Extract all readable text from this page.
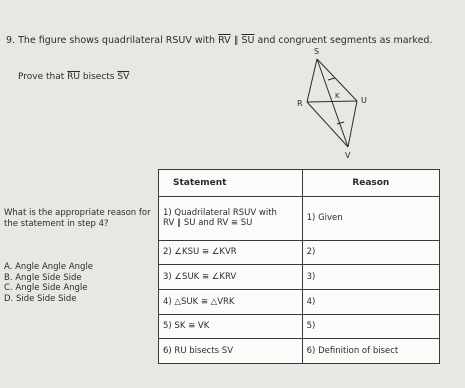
9. The figure shows quadrilateral RSUV with $\overline{RV}$ ∥ $\overline{SU}$ and congruent segments as marked.
Prove that $\overline{RU}$ bisects $\overline{SV}$
S
R
K	U
V
What is the appropriate reason for the statement in step 4?
A. Angle Angle Angle
B. Angle Side Side
C. Angle Side Angle
D. Side Side Side
Statement	Reason

1) Quadrilateral RSUV with
RV ∥ SU and RV ≅ SU	1) Given
2) ∠KSU ≅ ∠KVR	2)
3) ∠SUK ≅ ∠KRV	3)
4) △SUK ≅ △VRK	4)
5) SK ≅ VK	5)
6) RU bisects SV	6) Definition of bisect
